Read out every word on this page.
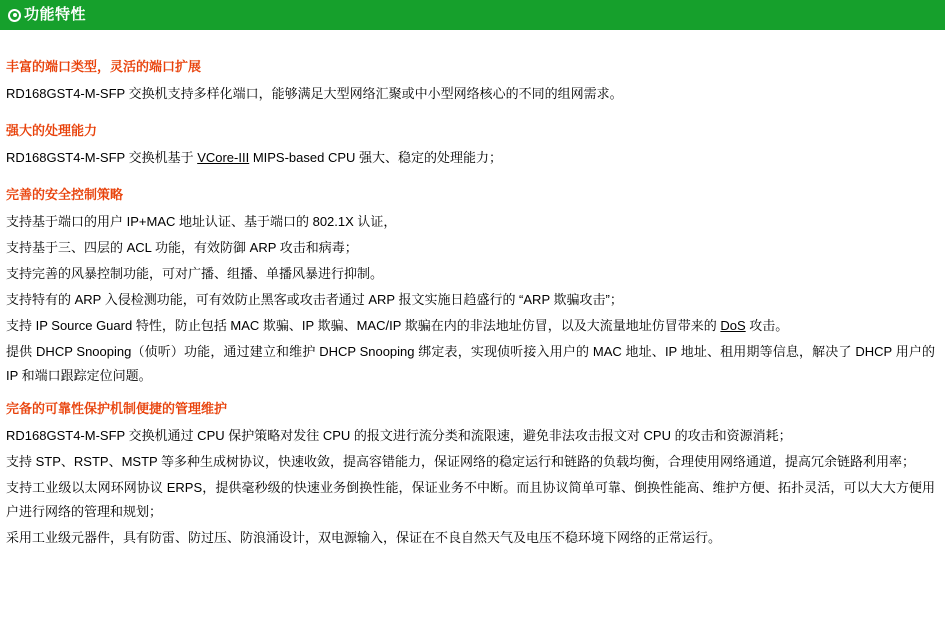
功能特性
丰富的端口类型，灵活的端口扩展

RD168GST4-M-SFP 交换机支持多样化端口，能够满足大型网络汇聚或中小型网络核心的不同的组网需求。

强大的处理能力

RD168GST4-M-SFP 交换机基于 VCore-III MIPS-based CPU 强大、稳定的处理能力；

完善的安全控制策略

支持基于端口的用户 IP+MAC 地址认证、基于端口的 802.1X 认证，

支持基于三、四层的 ACL 功能，有效防御 ARP 攻击和病毒；

支持完善的风暴控制功能，可对广播、组播、单播风暴进行抑制。

支持特有的 ARP 入侵检测功能，可有效防止黑客或攻击者通过 ARP 报文实施日趋盛行的 “ARP 欺骗攻击”；

支持 IP Source Guard 特性，防止包括 MAC 欺骗、IP 欺骗、MAC/IP 欺骗在内的非法地址仿冒，以及大流量地址仿冒带来的 DoS 攻击。

提供 DHCP Snooping（侦听）功能，通过建立和维护 DHCP Snooping 绑定表，实现侦听接入用户的 MAC 地址、IP 地址、租用期等信息，解决了 DHCP 用户的 IP 和端口跟踪定位问题。

完备的可靠性保护机制便捷的管理维护

RD168GST4-M-SFP 交换机通过 CPU 保护策略对发往 CPU 的报文进行流分类和流限速，避免非法攻击报文对 CPU 的攻击和资源消耗；

支持 STP、RSTP、MSTP 等多种生成树协议，快速收敛，提高容错能力，保证网络的稳定运行和链路的负载均衡，合理使用网络通道，提高冗余链路利用率；

支持工业级以太网环网协议 ERPS，提供毫秒级的快速业务倒换性能，保证业务不中断。而且协议简单可靠、倒换性能高、维护方便、拓扑灵活，可以大大方便用户进行网络的管理和规划；

采用工业级元器件，具有防雷、防过压、防浪涌设计，双电源输入，保证在不良自然天气及电压不稳环境下网络的正常运行。
